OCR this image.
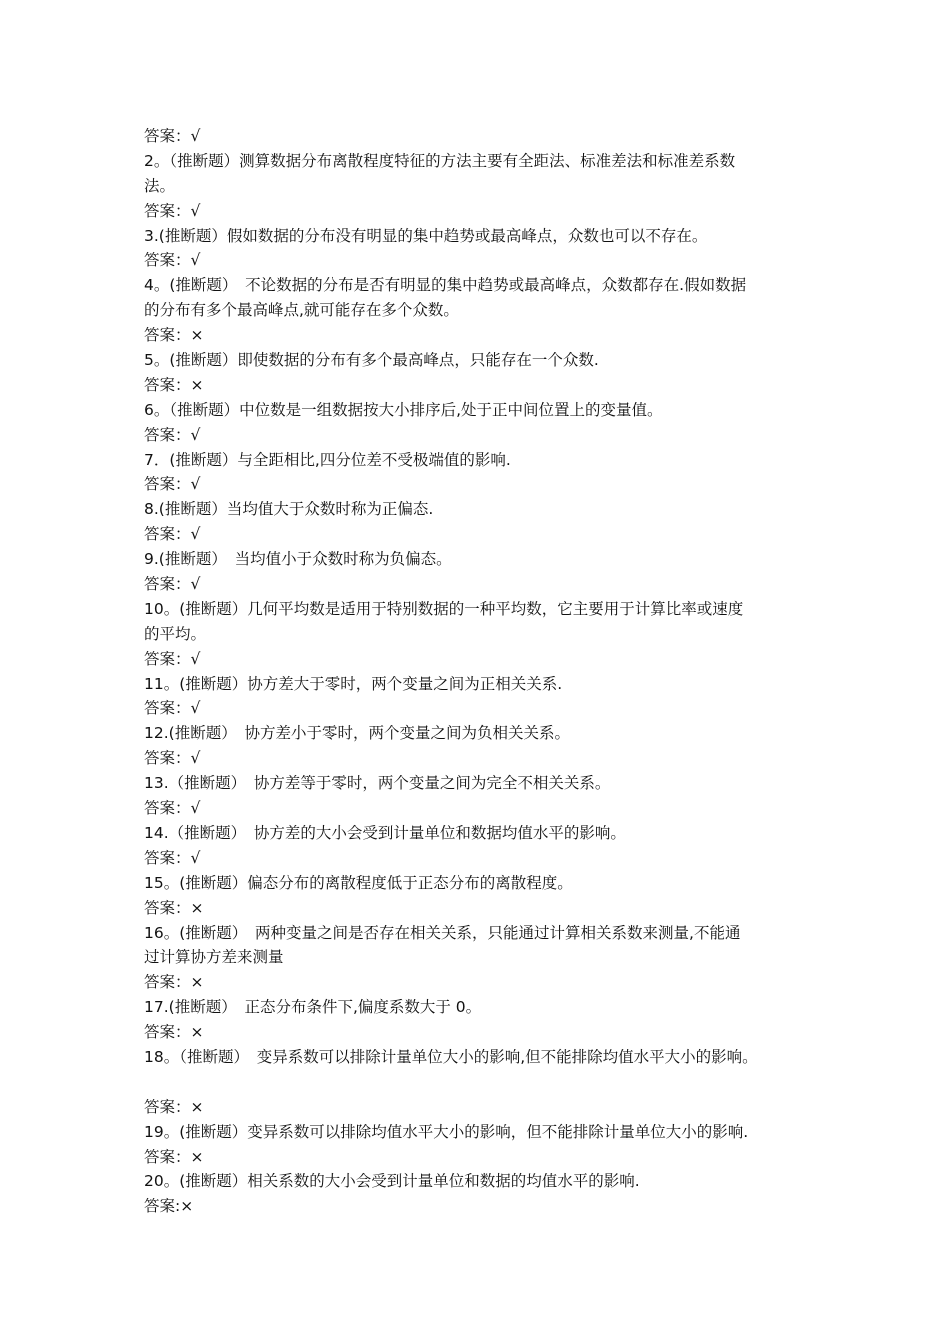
答案：√
2。（推断题）测算数据分布离散程度特征的方法主要有全距法、标准差法和标准差系数
法。
答案：√
3.(推断题）假如数据的分布没有明显的集中趋势或最高峰点，众数也可以不存在。
答案：√
4。(推断题）　不论数据的分布是否有明显的集中趋势或最高峰点，众数都存在.假如数据
的分布有多个最高峰点,就可能存在多个众数。
答案：×
5。(推断题）即使数据的分布有多个最高峰点，只能存在一个众数.
答案：×
6。（推断题）中位数是一组数据按大小排序后,处于正中间位置上的变量值。
答案：√
7．(推断题）与全距相比,四分位差不受极端值的影响.
答案：√
8.(推断题）当均值大于众数时称为正偏态.
答案：√
9.(推断题）　当均值小于众数时称为负偏态。
答案：√
10。(推断题）几何平均数是适用于特别数据的一种平均数，它主要用于计算比率或速度
的平均。
答案：√
11。(推断题）协方差大于零时，两个变量之间为正相关关系.
答案：√
12.(推断题）　协方差小于零时，两个变量之间为负相关关系。
答案：√
13.（推断题）　协方差等于零时，两个变量之间为完全不相关关系。
答案：√
14.（推断题）　协方差的大小会受到计量单位和数据均值水平的影响。
答案：√
15。(推断题）偏态分布的离散程度低于正态分布的离散程度。
答案：×
16。(推断题）　两种变量之间是否存在相关关系，只能通过计算相关系数来测量,不能通
过计算协方差来测量
答案：×
17.(推断题）　正态分布条件下,偏度系数大于 0。
答案：×
18。（推断题）　变异系数可以排除计量单位大小的影响,但不能排除均值水平大小的影响。
答案：×
19。(推断题）变异系数可以排除均值水平大小的影响，但不能排除计量单位大小的影响.
答案：×
20。(推断题）相关系数的大小会受到计量单位和数据的均值水平的影响.
答案:×
